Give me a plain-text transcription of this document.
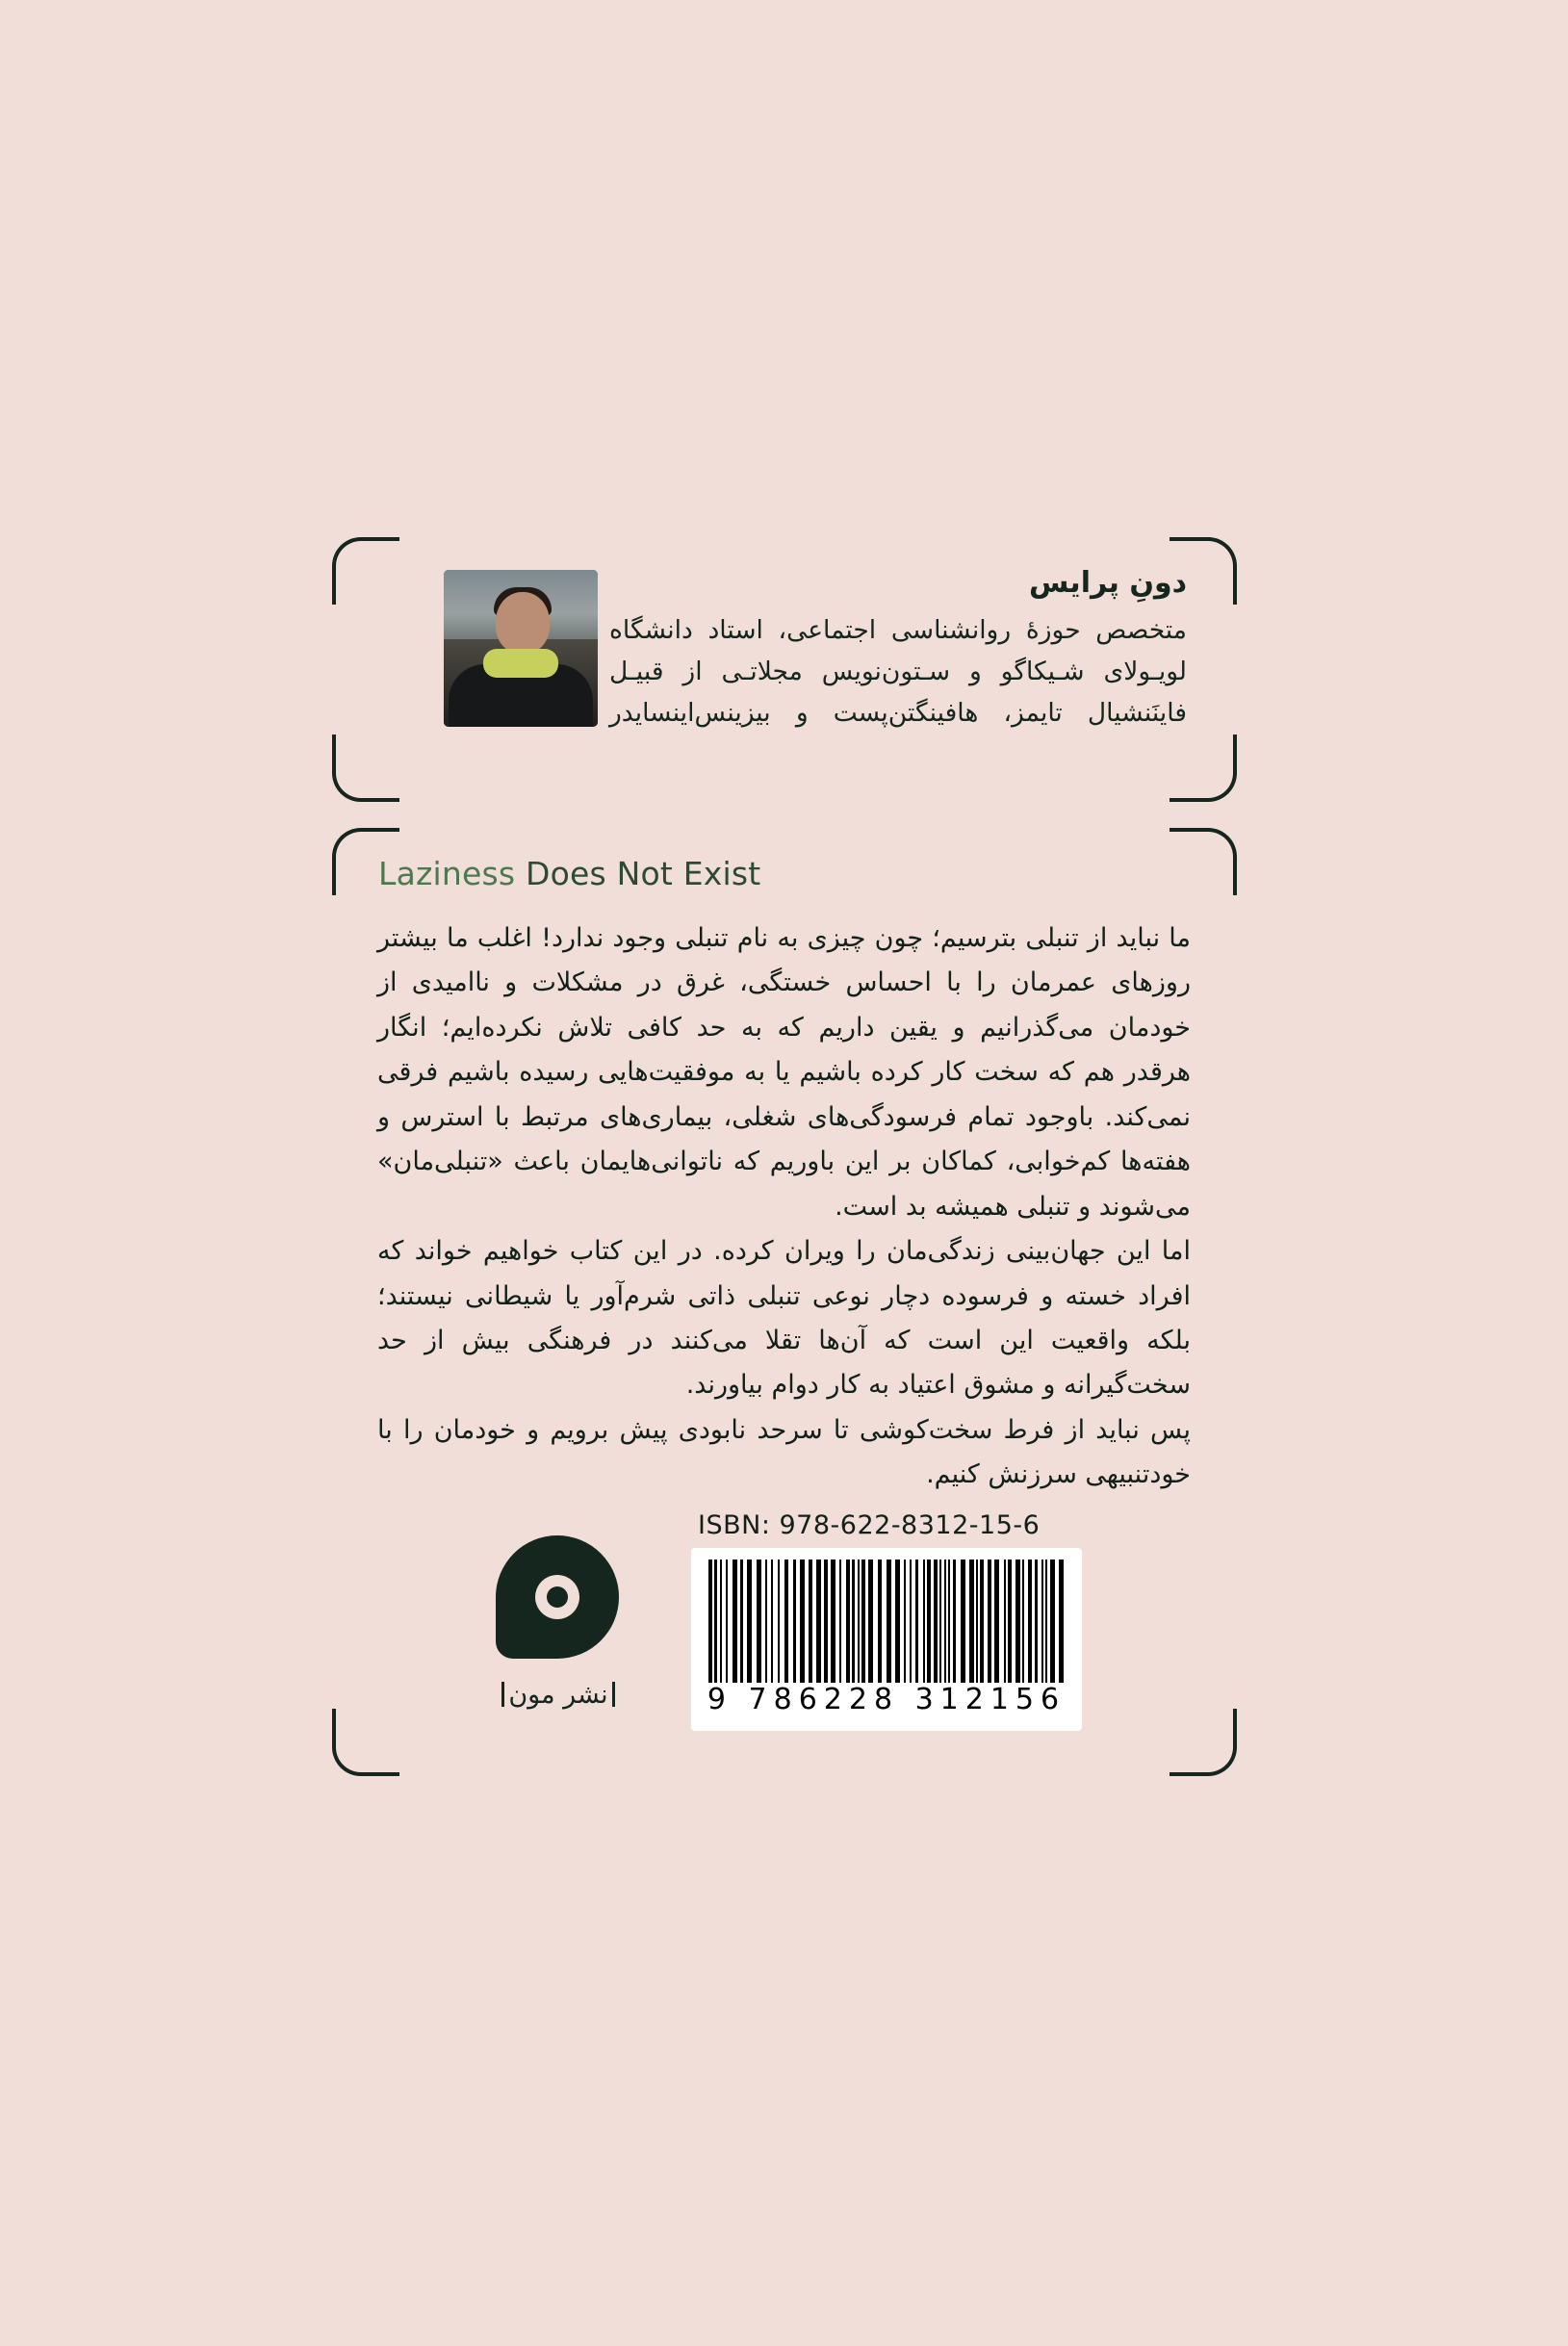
دونِ پرایس
متخصص حوزهٔ روانشناسی اجتماعی، استاد دانشگاه لویـولای شـیکاگو و سـتون‌نویس مجلاتـی از قبیـل فاینَنشیال تایمز، هافینگتن‌پست و بیزینس‌اینسایدر
Laziness Does Not Exist

ما نباید از تنبلی بترسیم؛ چون چیزی به نام تنبلی وجود ندارد! اغلب ما بیشتر روزهای عمرمان را با احساس خستگی، غرق در مشکلات و ناامیدی از خودمان می‌گذرانیم و یقین داریم که به حد کافی تلاش نکرده‌ایم؛ انگار هرقدر هم که سخت کار کرده باشیم یا به موفقیت‌هایی رسیده باشیم فرقی نمی‌کند. باوجود تمام فرسودگی‌های شغلی، بیماری‌های مرتبط با استرس و هفته‌ها کم‌خوابی، کماکان بر این باوریم که ناتوانی‌هایمان باعث «تنبلی‌مان» می‌شوند و تنبلی همیشه بد است.

اما این جهان‌بینی زندگی‌مان را ویران کرده. در این کتاب خواهیم خواند که افراد خسته و فرسوده دچار نوعی تنبلی ذاتی شرم‌آور یا شیطانی نیستند؛ بلکه واقعیت این است که آن‌ها تقلا می‌کنند در فرهنگی بیش از حد سخت‌گیرانه و مشوق اعتیاد به کار دوام بیاورند.

پس نباید از فرط سخت‌کوشی تا سرحد نابودی پیش برویم و خودمان را با خودتنبیهی سرزنش کنیم.

ISBN: 978-622-8312-15-6
9 786228 312156
نشر مون
